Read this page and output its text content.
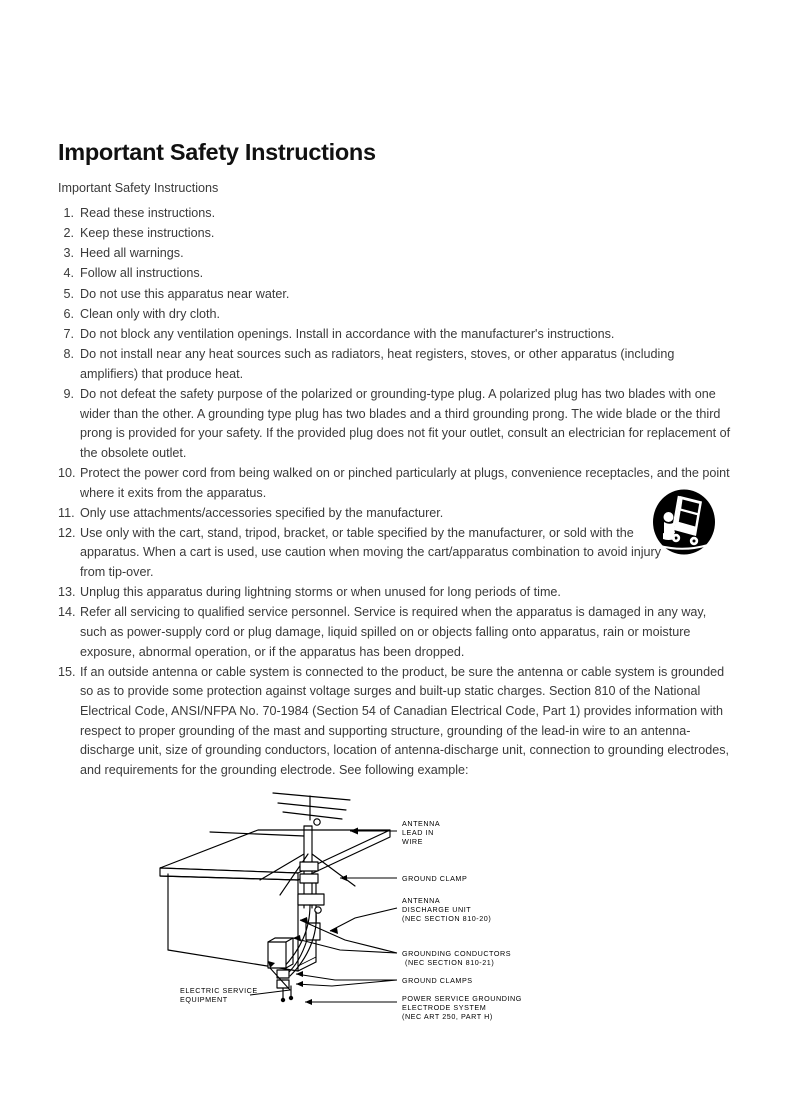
Important Safety Instructions

Important Safety Instructions

1. Read these instructions.
2. Keep these instructions.
3. Heed all warnings.
4. Follow all instructions.
5. Do not use this apparatus near water.
6. Clean only with dry cloth.
7. Do not block any ventilation openings. Install in accordance with the manufacturer's instructions.
8. Do not install near any heat sources such as radiators, heat registers, stoves, or other apparatus (including amplifiers) that produce heat.
9. Do not defeat the safety purpose of the polarized or grounding-type plug. A polarized plug has two blades with one wider than the other. A grounding type plug has two blades and a third grounding prong. The wide blade or the third prong is provided for your safety. If the provided plug does not fit your outlet, consult an electrician for replacement of the obsolete outlet.
10. Protect the power cord from being walked on or pinched particularly at plugs, convenience receptacles, and the point where it exits from the apparatus.
11. Only use attachments/accessories specified by the manufacturer.
12. Use only with the cart, stand, tripod, bracket, or table specified by the manufacturer, or sold with the apparatus. When a cart is used, use caution when moving the cart/apparatus combination to avoid injury from tip-over.
13. Unplug this apparatus during lightning storms or when unused for long periods of time.
14. Refer all servicing to qualified service personnel. Service is required when the apparatus is damaged in any way, such as power-supply cord or plug damage, liquid spilled on or objects falling onto apparatus, rain or moisture exposure, abnormal operation, or if the apparatus has been dropped.
15. If an outside antenna or cable system is connected to the product, be sure the antenna or cable system is grounded so as to provide some protection against voltage surges and built-up static charges. Section 810 of the National Electrical Code, ANSI/NFPA No. 70-1984 (Section 54 of Canadian Electrical Code, Part 1) provides information with respect to proper grounding of the mast and supporting structure, grounding of the lead-in wire to an antenna-discharge unit, size of grounding conductors, location of antenna-discharge unit, connection to grounding electrodes, and requirements for the grounding electrode. See following example:
ANTENNA
LEAD IN
WIRE
GROUND CLAMP
ANTENNA
DISCHARGE UNIT
(NEC SECTION 810-20)
GROUNDING CONDUCTORS
(NEC SECTION 810-21)
GROUND CLAMPS
POWER SERVICE GROUNDING
ELECTRODE SYSTEM
(NEC ART 250, PART H)
ELECTRIC SERVICE
EQUIPMENT
